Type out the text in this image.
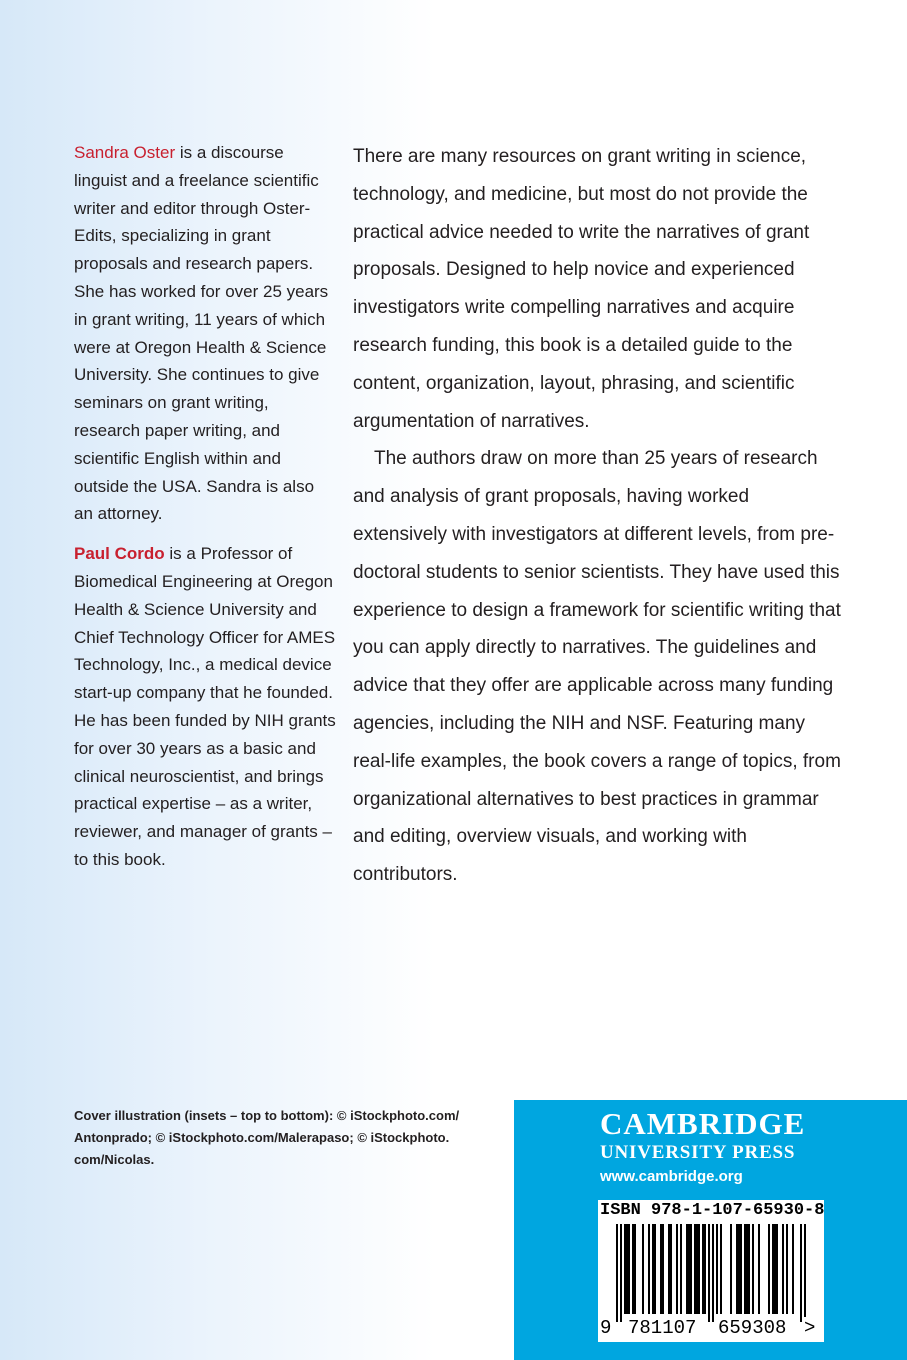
Sandra Oster is a discourse linguist and a freelance scientific writer and editor through Oster-Edits, specializing in grant proposals and research papers. She has worked for over 25 years in grant writing, 11 years of which were at Oregon Health & Science University. She continues to give seminars on grant writing, research paper writing, and scientific English within and outside the USA. Sandra is also an attorney.

Paul Cordo is a Professor of Biomedical Engineering at Oregon Health & Science University and Chief Technology Officer for AMES Technology, Inc., a medical device start-up company that he founded. He has been funded by NIH grants for over 30 years as a basic and clinical neuroscientist, and brings practical expertise – as a writer, reviewer, and manager of grants – to this book.

There are many resources on grant writing in science, technology, and medicine, but most do not provide the practical advice needed to write the narratives of grant proposals. Designed to help novice and experienced investigators write compelling narratives and acquire research funding, this book is a detailed guide to the content, organization, layout, phrasing, and scientific argumentation of narratives.

The authors draw on more than 25 years of research and analysis of grant proposals, having worked extensively with investigators at different levels, from pre-doctoral students to senior scientists. They have used this experience to design a framework for scientific writing that you can apply directly to narratives. The guidelines and advice that they offer are applicable across many funding agencies, including the NIH and NSF. Featuring many real-life examples, the book covers a range of topics, from organizational alternatives to best practices in grammar and editing, overview visuals, and working with contributors.

Cover illustration (insets – top to bottom): © iStockphoto.com/ Antonprado; © iStockphoto.com/Malerapaso; © iStockphoto. com/Nicolas.
CAMBRIDGE
UNIVERSITY PRESS
www.cambridge.org
ISBN 978-1-107-65930-8
9 781107 659308 >
